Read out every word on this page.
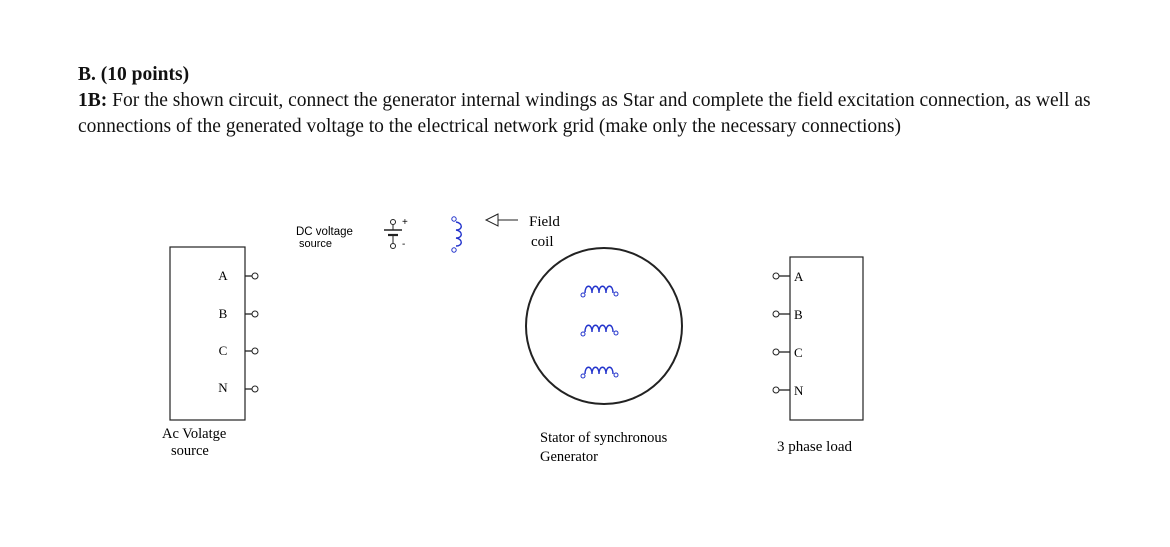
B. (10 points)
1B: For the shown circuit, connect the generator internal windings as Star and complete the field excitation connection, as well as connections of the generated voltage to the electrical network grid (make only the necessary connections)
A
B
C
N
Ac Volatge
source
DC voltage
source
+
-
Field
coil
Stator of synchronous
Generator
A
B
C
N
3 phase load
